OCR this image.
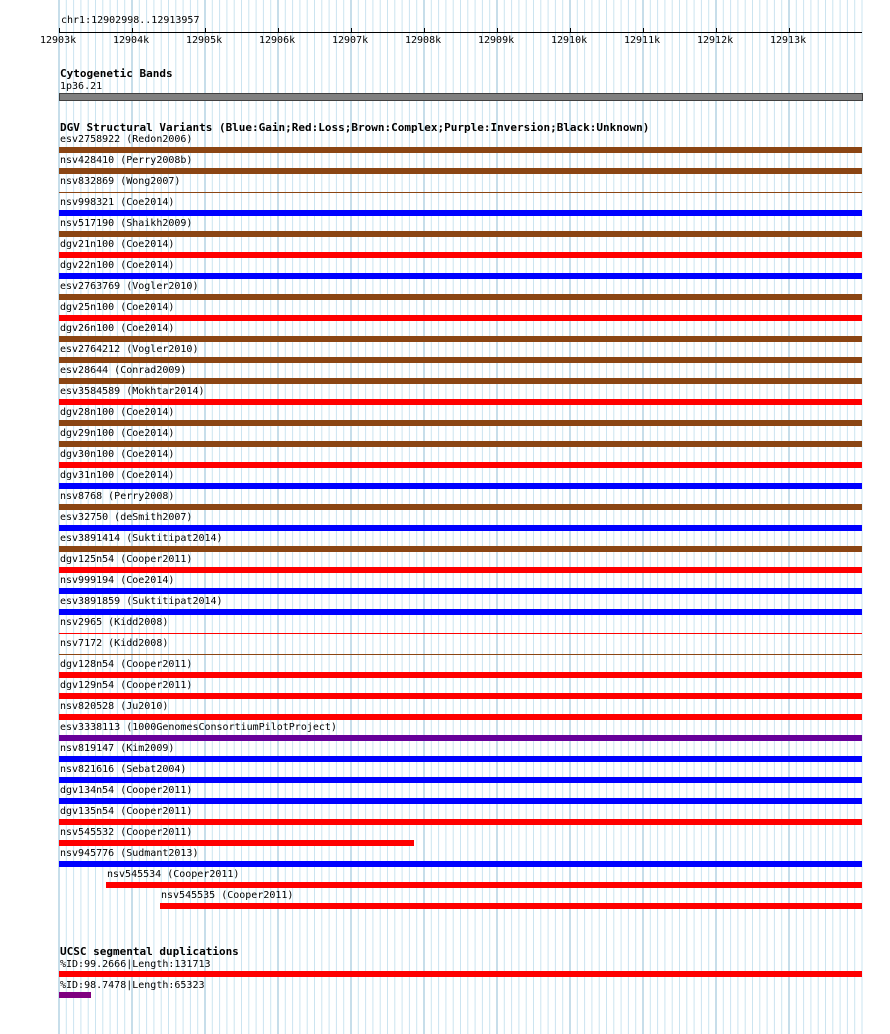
chr1:12902998..12913957
12903k	12904k	12905k	12906k	12907k	12908k	12909k	12910k	12911k	12912k	12913k
Cytogenetic Bands
1p36.21
DGV Structural Variants (Blue:Gain;Red:Loss;Brown:Complex;Purple:Inversion;Black:Unknown)
esv2758922 (Redon2006)
nsv428410 (Perry2008b)
nsv832869 (Wong2007)
nsv998321 (Coe2014)
nsv517190 (Shaikh2009)
dgv21n100 (Coe2014)
dgv22n100 (Coe2014)
esv2763769 (Vogler2010)
dgv25n100 (Coe2014)
dgv26n100 (Coe2014)
esv2764212 (Vogler2010)
esv28644 (Conrad2009)
esv3584589 (Mokhtar2014)
dgv28n100 (Coe2014)
dgv29n100 (Coe2014)
dgv30n100 (Coe2014)
dgv31n100 (Coe2014)
nsv8768 (Perry2008)
esv32750 (deSmith2007)
esv3891414 (Suktitipat2014)
dgv125n54 (Cooper2011)
nsv999194 (Coe2014)
esv3891859 (Suktitipat2014)
nsv2965 (Kidd2008)
nsv7172 (Kidd2008)
dgv128n54 (Cooper2011)
dgv129n54 (Cooper2011)
nsv820528 (Ju2010)
esv3338113 (1000GenomesConsortiumPilotProject)
nsv819147 (Kim2009)
nsv821616 (Sebat2004)
dgv134n54 (Cooper2011)
dgv135n54 (Cooper2011)
nsv545532 (Cooper2011)
nsv945776 (Sudmant2013)
nsv545534 (Cooper2011)
nsv545535 (Cooper2011)
UCSC segmental duplications
%ID:99.2666|Length:131713
%ID:98.7478|Length:65323
